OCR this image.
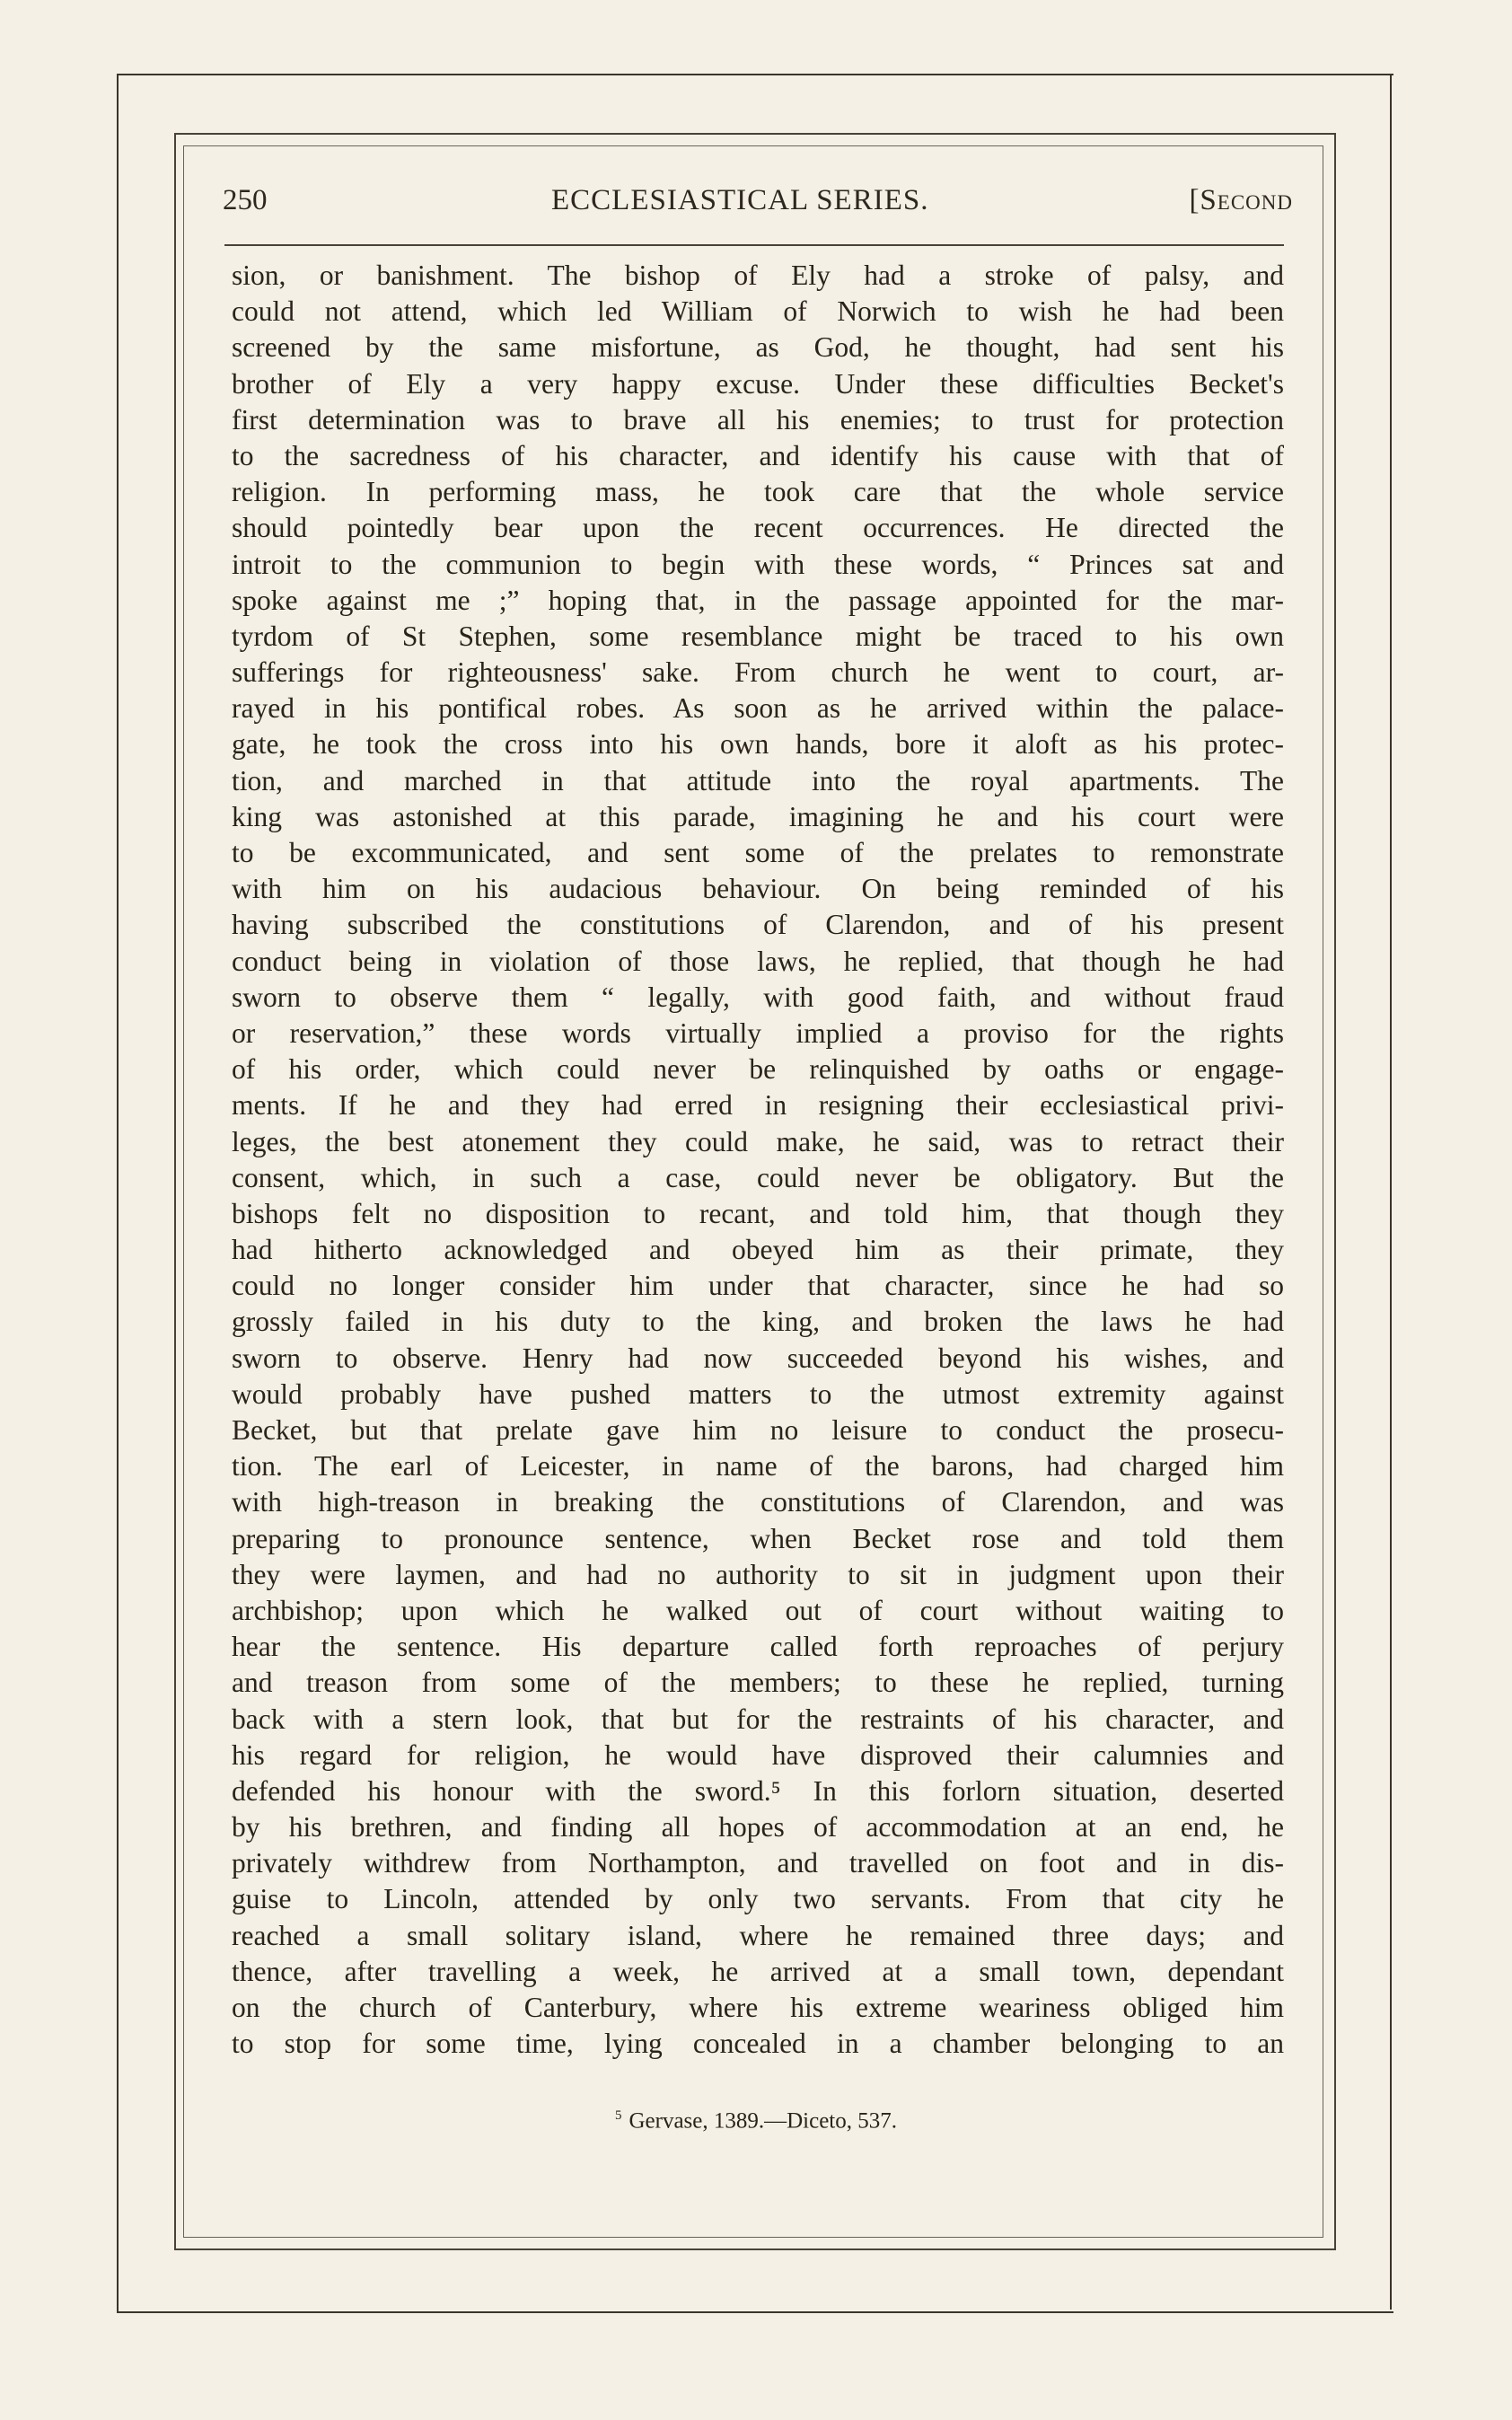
250	ECCLESIASTICAL SERIES.	[Second
sion, or banishment. The bishop of Ely had a stroke of palsy, and
could not attend, which led William of Norwich to wish he had been
screened by the same misfortune, as God, he thought, had sent his
brother of Ely a very happy excuse. Under these difficulties Becket's
first determination was to brave all his enemies; to trust for protection
to the sacredness of his character, and identify his cause with that of
religion. In performing mass, he took care that the whole service
should pointedly bear upon the recent occurrences. He directed the
introit to the communion to begin with these words, “ Princes sat and
spoke against me ;” hoping that, in the passage appointed for the mar-
tyrdom of St Stephen, some resemblance might be traced to his own
sufferings for righteousness' sake. From church he went to court, ar-
rayed in his pontifical robes. As soon as he arrived within the palace-
gate, he took the cross into his own hands, bore it aloft as his protec-
tion, and marched in that attitude into the royal apartments. The
king was astonished at this parade, imagining he and his court were
to be excommunicated, and sent some of the prelates to remonstrate
with him on his audacious behaviour. On being reminded of his
having subscribed the constitutions of Clarendon, and of his present
conduct being in violation of those laws, he replied, that though he had
sworn to observe them “ legally, with good faith, and without fraud
or reservation,” these words virtually implied a proviso for the rights
of his order, which could never be relinquished by oaths or engage-
ments. If he and they had erred in resigning their ecclesiastical privi-
leges, the best atonement they could make, he said, was to retract their
consent, which, in such a case, could never be obligatory. But the
bishops felt no disposition to recant, and told him, that though they
had hitherto acknowledged and obeyed him as their primate, they
could no longer consider him under that character, since he had so
grossly failed in his duty to the king, and broken the laws he had
sworn to observe. Henry had now succeeded beyond his wishes, and
would probably have pushed matters to the utmost extremity against
Becket, but that prelate gave him no leisure to conduct the prosecu-
tion. The earl of Leicester, in name of the barons, had charged him
with high-treason in breaking the constitutions of Clarendon, and was
preparing to pronounce sentence, when Becket rose and told them
they were laymen, and had no authority to sit in judgment upon their
archbishop; upon which he walked out of court without waiting to
hear the sentence. His departure called forth reproaches of perjury
and treason from some of the members; to these he replied, turning
back with a stern look, that but for the restraints of his character, and
his regard for religion, he would have disproved their calumnies and
defended his honour with the sword.⁵ In this forlorn situation, deserted
by his brethren, and finding all hopes of accommodation at an end, he
privately withdrew from Northampton, and travelled on foot and in dis-
guise to Lincoln, attended by only two servants. From that city he
reached a small solitary island, where he remained three days; and
thence, after travelling a week, he arrived at a small town, dependant
on the church of Canterbury, where his extreme weariness obliged him
to stop for some time, lying concealed in a chamber belonging to an
$^5$ Gervase, 1389.—Diceto, 537.
